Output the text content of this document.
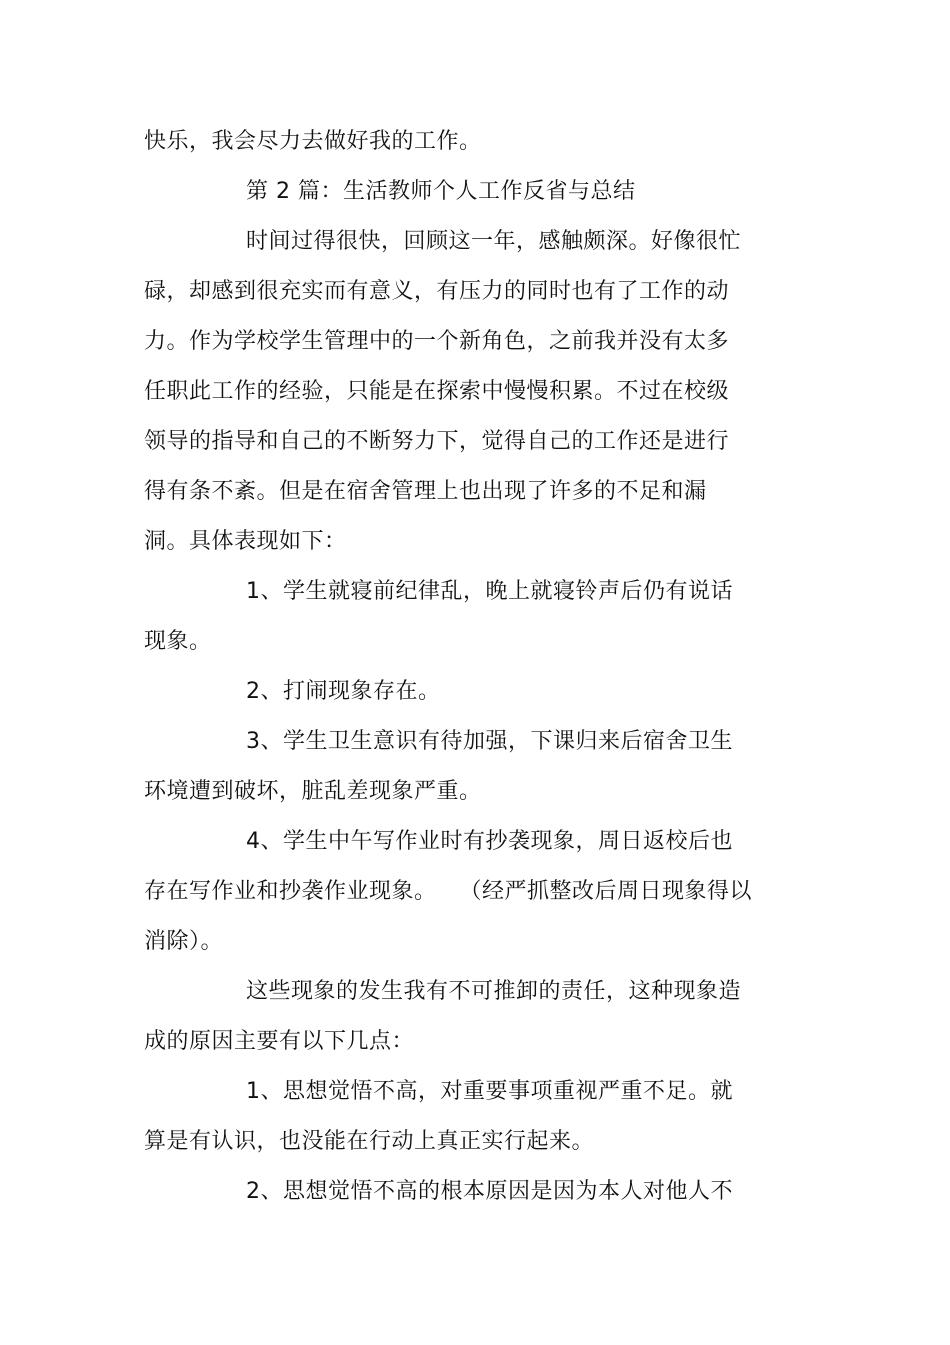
快乐，我会尽力去做好我的工作。
第 2 篇：生活教师个人工作反省与总结
时间过得很快，回顾这一年，感触颇深。好像很忙
碌，却感到很充实而有意义，有压力的同时也有了工作的动
力。作为学校学生管理中的一个新角色，之前我并没有太多
任职此工作的经验，只能是在探索中慢慢积累。不过在校级
领导的指导和自己的不断努力下，觉得自己的工作还是进行
得有条不紊。但是在宿舍管理上也出现了许多的不足和漏
洞。具体表现如下：
1、学生就寝前纪律乱，晚上就寝铃声后仍有说话
现象。
2、打闹现象存在。
3、学生卫生意识有待加强，下课归来后宿舍卫生
环境遭到破坏，脏乱差现象严重。
4、学生中午写作业时有抄袭现象，周日返校后也
存在写作业和抄袭作业现象。　　（经严抓整改后周日现象得以
消除）。
这些现象的发生我有不可推卸的责任，这种现象造
成的原因主要有以下几点：
1、思想觉悟不高，对重要事项重视严重不足。就
算是有认识，也没能在行动上真正实行起来。
2、思想觉悟不高的根本原因是因为本人对他人不
